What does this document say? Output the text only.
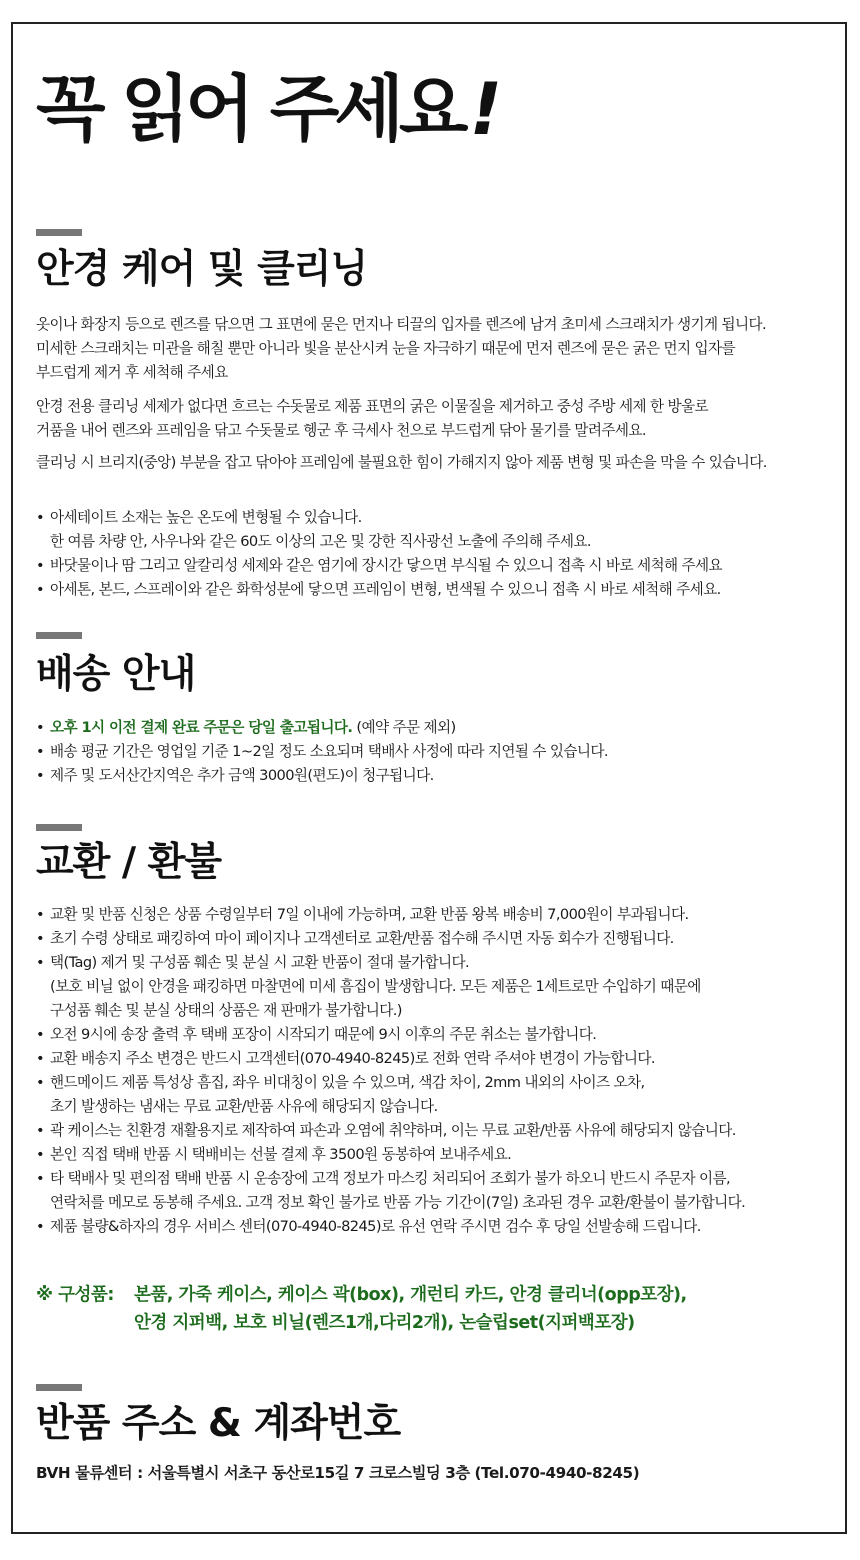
꼭 읽어 주세요!
안경 케어 및 클리닝

옷이나 화장지 등으로 렌즈를 닦으면 그 표면에 묻은 먼지나 티끌의 입자를 렌즈에 남겨 초미세 스크래치가 생기게 됩니다.
미세한 스크래치는 미관을 해칠 뿐만 아니라 빛을 분산시켜 눈을 자극하기 때문에 먼저 렌즈에 묻은 굵은 먼지 입자를
부드럽게 제거 후 세척해 주세요

안경 전용 클리닝 세제가 없다면 흐르는 수돗물로 제품 표면의 굵은 이물질을 제거하고 중성 주방 세제 한 방울로
거품을 내어 렌즈와 프레임을 닦고 수돗물로 헹군 후 극세사 천으로 부드럽게 닦아 물기를 말려주세요.

클리닝 시 브리지(중앙) 부분을 잡고 닦아야 프레임에 불필요한 힘이 가해지지 않아 제품 변형 및 파손을 막을 수 있습니다.

• 아세테이트 소재는 높은 온도에 변형될 수 있습니다.
한 여름 차량 안, 사우나와 같은 60도 이상의 고온 및 강한 직사광선 노출에 주의해 주세요.
• 바닷물이나 땀 그리고 알칼리성 세제와 같은 염기에 장시간 닿으면 부식될 수 있으니 접촉 시 바로 세척해 주세요
• 아세톤, 본드, 스프레이와 같은 화학성분에 닿으면 프레임이 변형, 변색될 수 있으니 접촉 시 바로 세척해 주세요.
배송 안내
• 오후 1시 이전 결제 완료 주문은 당일 출고됩니다. (예약 주문 제외)
• 배송 평균 기간은 영업일 기준 1~2일 정도 소요되며 택배사 사정에 따라 지연될 수 있습니다.
• 제주 및 도서산간지역은 추가 금액 3000원(편도)이 청구됩니다.
교환 / 환불
• 교환 및 반품 신청은 상품 수령일부터 7일 이내에 가능하며, 교환 반품 왕복 배송비 7,000원이 부과됩니다.
• 초기 수령 상태로 패킹하여 마이 페이지나 고객센터로 교환/반품 접수해 주시면 자동 회수가 진행됩니다.
• 택(Tag) 제거 및 구성품 훼손 및 분실 시 교환 반품이 절대 불가합니다.
(보호 비닐 없이 안경을 패킹하면 마찰면에 미세 흠집이 발생합니다. 모든 제품은 1세트로만 수입하기 때문에
구성품 훼손 및 분실 상태의 상품은 재 판매가 불가합니다.)
• 오전 9시에 송장 출력 후 택배 포장이 시작되기 때문에 9시 이후의 주문 취소는 불가합니다.
• 교환 배송지 주소 변경은 반드시 고객센터(070-4940-8245)로 전화 연락 주셔야 변경이 가능합니다.
• 핸드메이드 제품 특성상 흠집, 좌우 비대칭이 있을 수 있으며, 색감 차이, 2mm 내외의 사이즈 오차,
초기 발생하는 냄새는 무료 교환/반품 사유에 해당되지 않습니다.
• 곽 케이스는 친환경 재활용지로 제작하여 파손과 오염에 취약하며, 이는 무료 교환/반품 사유에 해당되지 않습니다.
• 본인 직접 택배 반품 시 택배비는 선불 결제 후 3500원 동봉하여 보내주세요.
• 타 택배사 및 편의점 택배 반품 시 운송장에 고객 정보가 마스킹 처리되어 조회가 불가 하오니 반드시 주문자 이름,
연락처를 메모로 동봉해 주세요. 고객 정보 확인 불가로 반품 가능 기간이(7일) 초과된 경우 교환/환불이 불가합니다.
• 제품 불량&하자의 경우 서비스 센터(070-4940-8245)로 유선 연락 주시면 검수 후 당일 선발송해 드립니다.
※ 구성품: 본품, 가죽 케이스, 케이스 곽(box), 개런티 카드, 안경 클리너(opp포장),
안경 지퍼백, 보호 비닐(렌즈1개,다리2개), 논슬립set(지퍼백포장)
반품 주소 & 계좌번호

BVH 물류센터 : 서울특별시 서초구 동산로15길 7 크로스빌딩 3층 (Tel.070-4940-8245)
